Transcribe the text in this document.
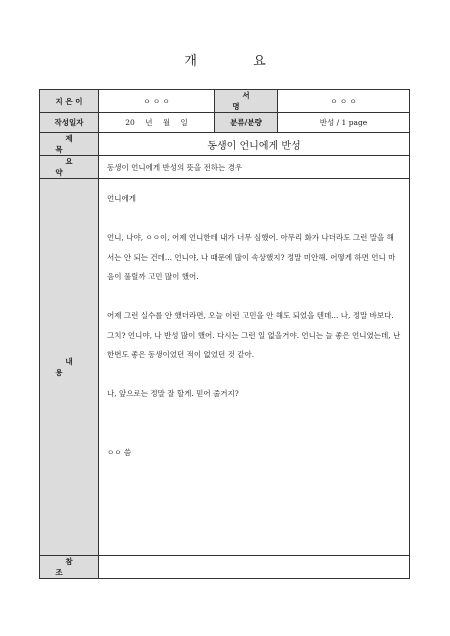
개 요
지 은 이	ㅇ ㅇ ㅇ	서 명	ㅇ ㅇ ㅇ
작성일자	20 년 월 일	분류/분량	반성 / 1 page
제 목	동생이 언니에게 반성		
요 약	동생이 언니에게 반성의 뜻을 전하는 경우		
내 용	언니에게

언니, 나야, ㅇㅇ이, 어제 언니한테 내가 너무 심했어. 아무리 화가 나더라도 그런 말을 해서는 안 되는 건데... 언니야, 나 때문에 많이 속상했지? 정말 미안해. 어떻게 하면 언니 마음이 풀릴까 고민 많이 했어.

어제 그런 실수를 안 했더라면, 오늘 이런 고민을 안 해도 되었을 텐데... 나, 정말 바보다. 그치? 언니야, 나 반성 많이 했어. 다시는 그런 일 없을거야. 언니는 늘 좋은 언니였는데, 난 한번도 좋은 동생이었던 적이 없었던 것 같아.

나, 앞으로는 정말 잘 할게. 믿어 줄거지?

ㅇㅇ 씀		

참 조			
